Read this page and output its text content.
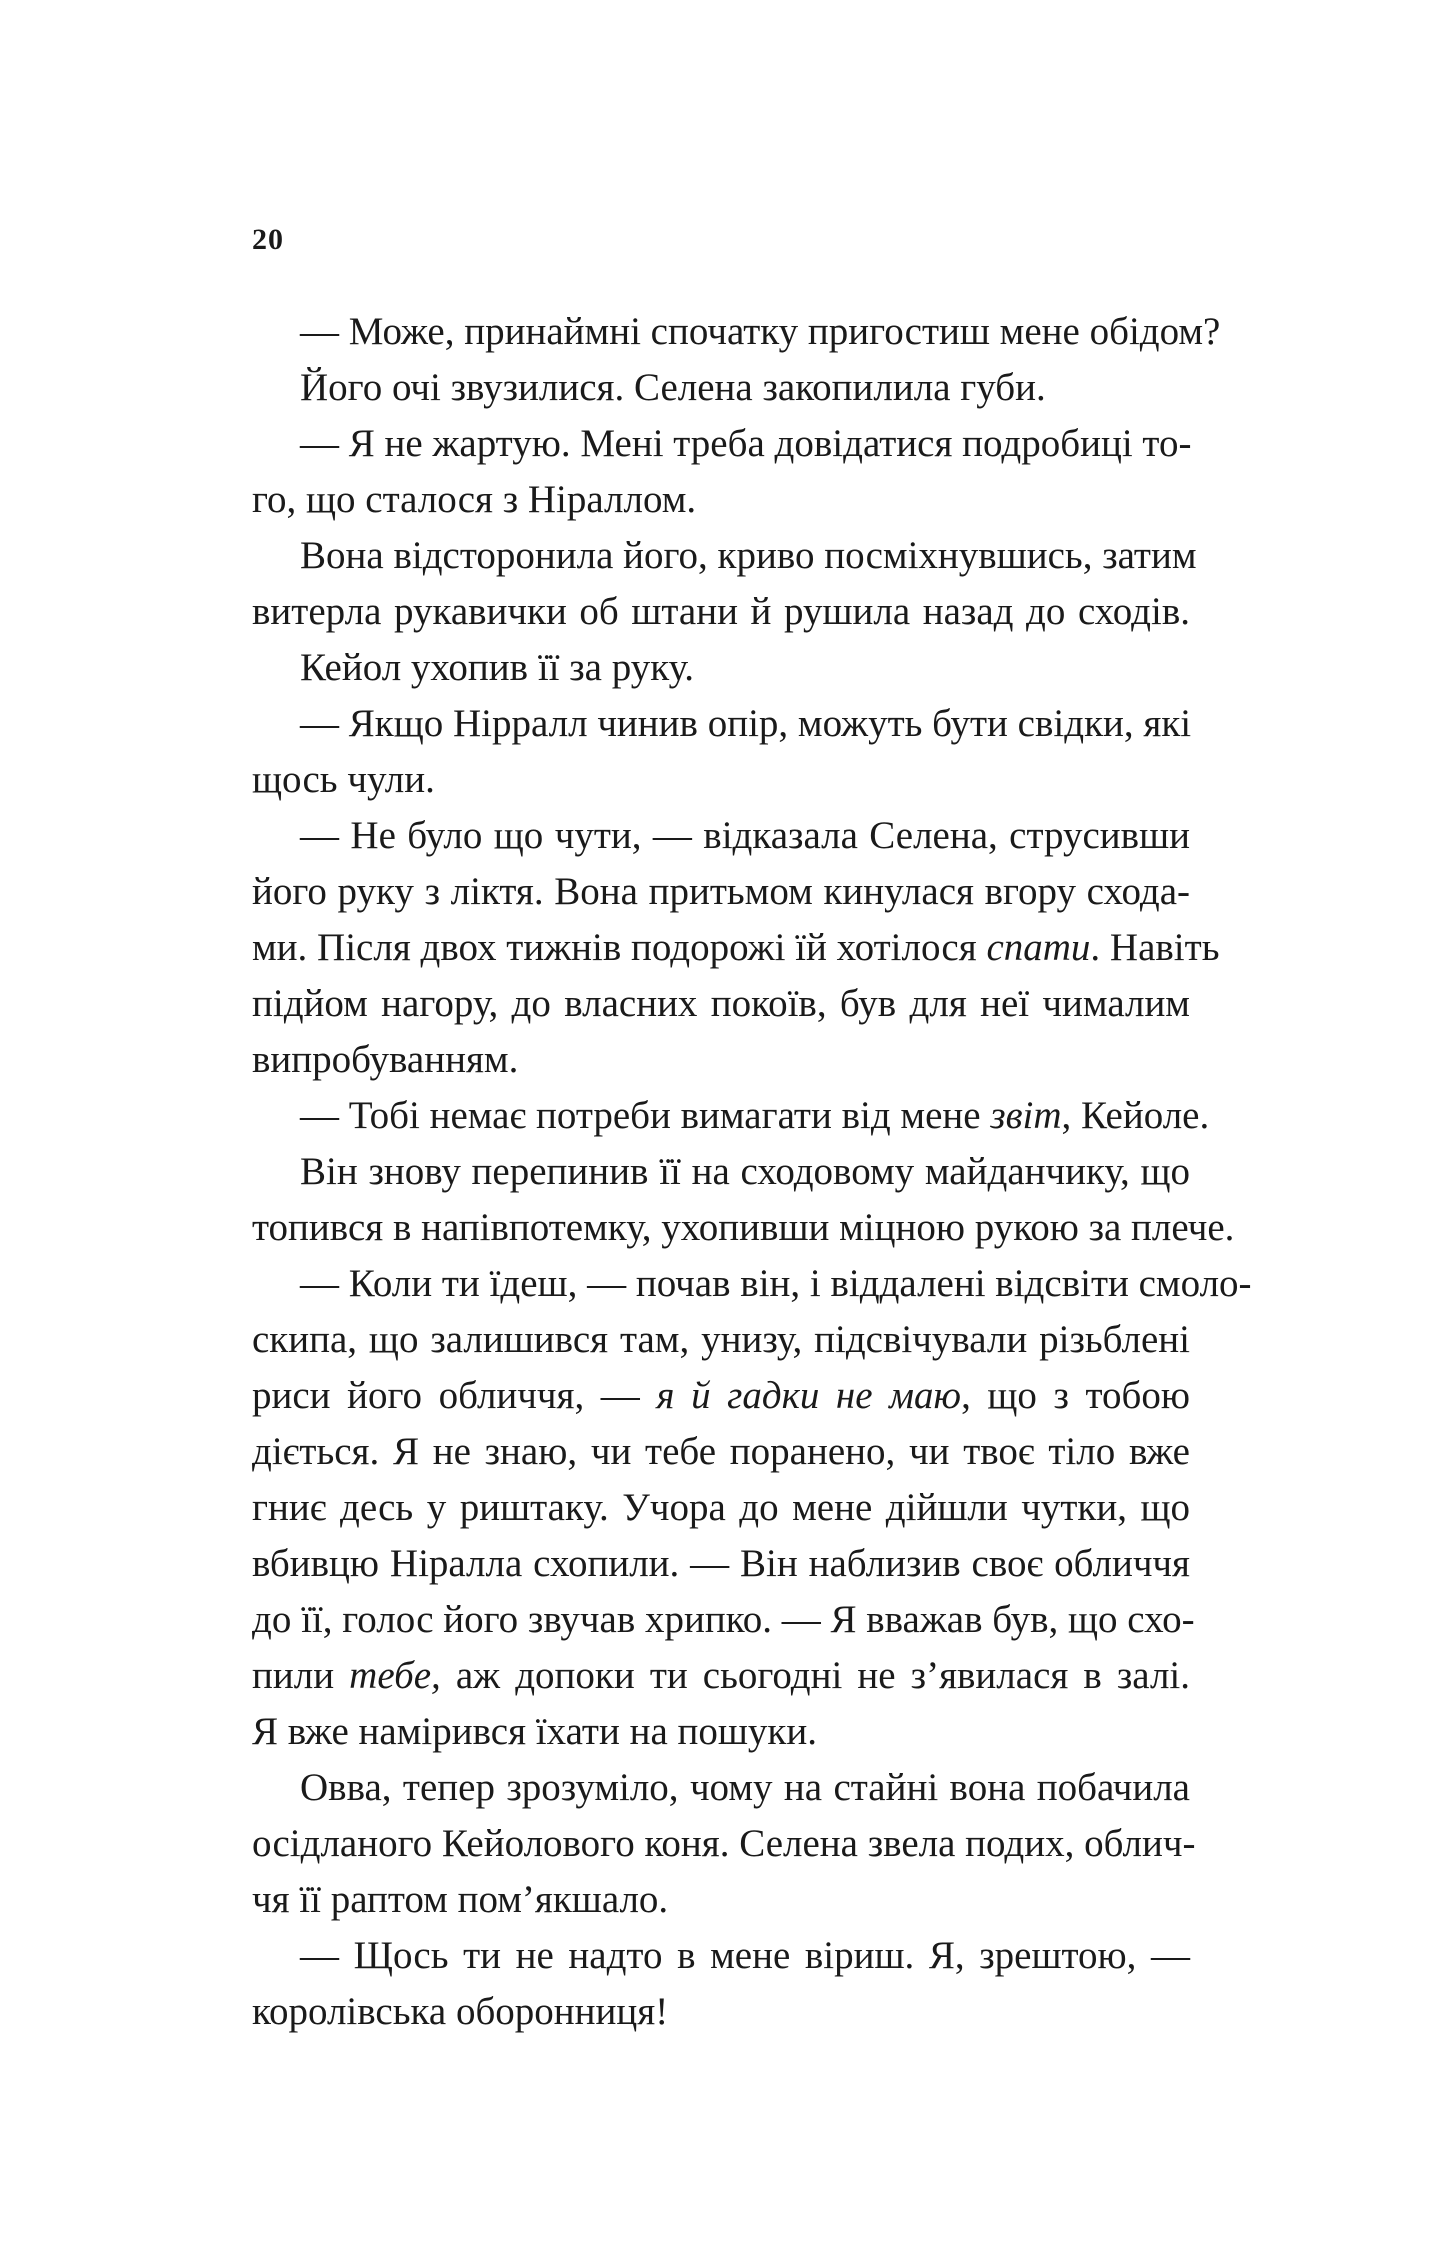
20
— Може, принаймні спочатку пригостиш мене обідом?
Його очі звузилися. Селена закопилила губи.
— Я не жартую. Мені треба довідатися подробиці то-
го, що сталося з Ніраллом.
Вона відсторонила його, криво посміхнувшись, затим
витерла рукавички об штани й рушила назад до сходів.
Кейол ухопив її за руку.
— Якщо Нірралл чинив опір, можуть бути свідки, які
щось чули.
— Не було що чути, — відказала Селена, струсивши
його руку з ліктя. Вона притьмом кинулася вгору схода-
ми. Після двох тижнів подорожі їй хотілося спати. Навіть
підйом нагору, до власних покоїв, був для неї чималим
випробуванням.
— Тобі немає потреби вимагати від мене звіт, Кейоле.
Він знову перепинив її на сходовому майданчику, що
топився в напівпотемку, ухопивши міцною рукою за плече.
— Коли ти їдеш, — почав він, і віддалені відсвіти смоло-
скипа, що залишився там, унизу, підсвічували різьблені
риси його обличчя, — я й гадки не маю, що з тобою
діється. Я не знаю, чи тебе поранено, чи твоє тіло вже
гниє десь у риштаку. Учора до мене дійшли чутки, що
вбивцю Ніралла схопили. — Він наблизив своє обличчя
до її, голос його звучав хрипко. — Я вважав був, що схо-
пили тебе, аж допоки ти сьогодні не з’явилася в залі.
Я вже намірився їхати на пошуки.
Овва, тепер зрозуміло, чому на стайні вона побачила
осідланого Кейолового коня. Селена звела подих, облич-
чя її раптом пом’якшало.
— Щось ти не надто в мене віриш. Я, зрештою, —
королівська оборонниця!
